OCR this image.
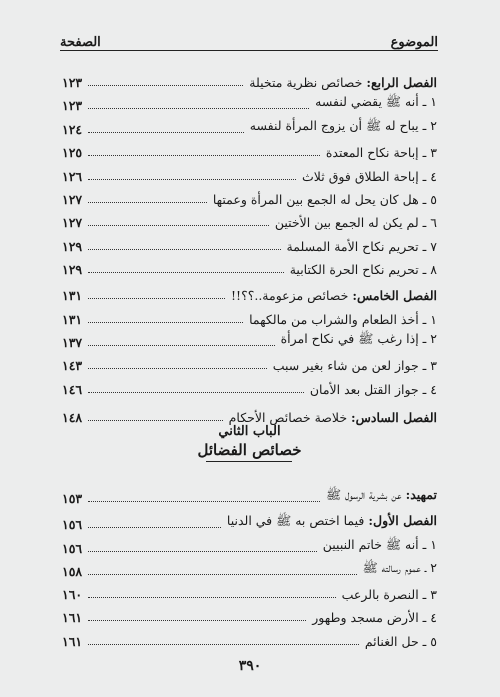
الموضوع
الصفحة
الفصل الرابع: خصائص نظرية متخيلة
١٢٣
١ ـ أنه ﷺ يقضي لنفسه
١٢٣
٢ ـ يباح له ﷺ أن يزوج المرأة لنفسه
١٢٤
٣ ـ إباحة نكاح المعتدة
١٢٥
٤ ـ إباحة الطلاق فوق ثلاث
١٢٦
٥ ـ هل كان يحل له الجمع بين المرأة وعمتها
١٢٧
٦ ـ لم يكن له الجمع بين الأختين
١٢٧
٧ ـ تحريم نكاح الأمة المسلمة
١٢٩
٨ ـ تحريم نكاح الحرة الكتابية
١٢٩
الفصل الخامس: خصائص مزعومة..؟؟!!
١٣١
١ ـ أخذ الطعام والشراب من مالكهما
١٣١
٢ ـ إذا رغب ﷺ في نكاح امرأة
١٣٧
٣ ـ جواز لعن من شاء بغير سبب
١٤٣
٤ ـ جواز القتل بعد الأمان
١٤٦
الفصل السادس: خلاصة خصائص الأحكام
١٤٨
تمهيد: عن بشرية الرسول ﷺ
١٥٣
الفصل الأول: فيما اختص به ﷺ في الدنيا
١٥٦
١ ـ أنه ﷺ خاتم النبيين
١٥٦
٢ ـ عموم رسالته ﷺ
١٥٨
٣ ـ النصرة بالرعب
١٦٠
٤ ـ الأرض مسجد وطهور
١٦١
٥ ـ حل الغنائم
١٦١
الباب الثاني
خصائص الفضائل
٣٩٠
